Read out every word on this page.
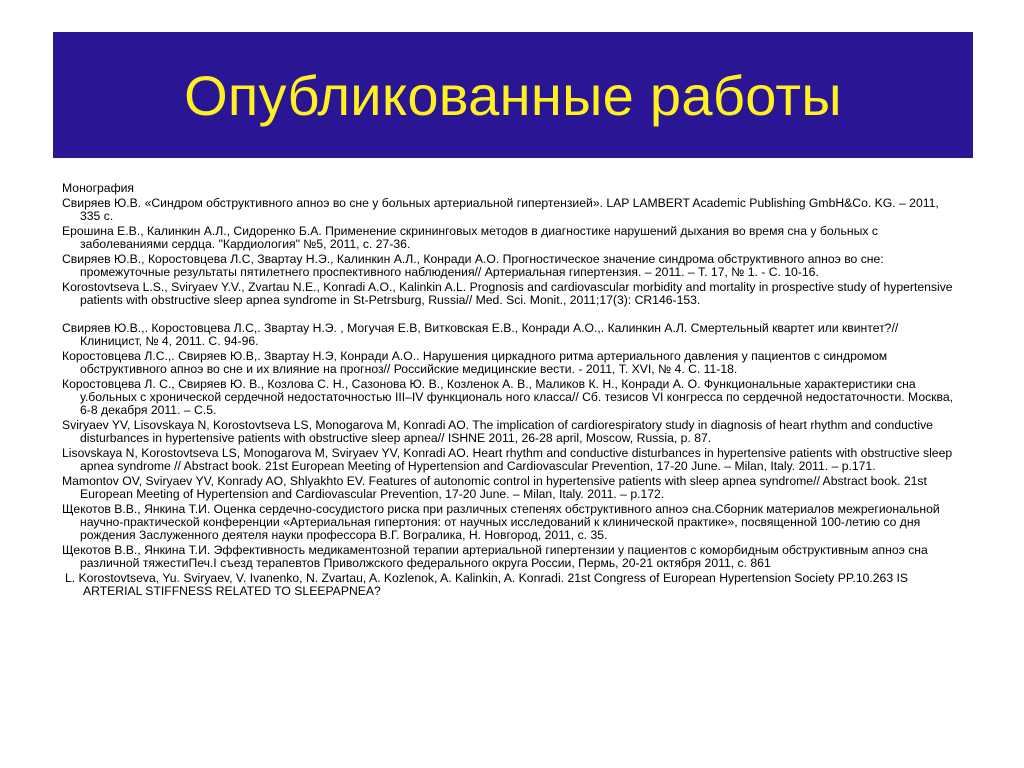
Опубликованные работы
Монография
Свиряев Ю.В. «Синдром обструктивного апноэ во сне у больных артериальной гипертензией». LAP LAMBERT Academic Publishing GmbH&Co. KG. – 2011, 335 с.
Ерошина Е.В., Калинкин А.Л., Сидоренко Б.А. Применение скрининговых методов в диагностике нарушений дыхания во время сна у больных с заболеваниями сердца. "Кардиология" №5, 2011, с. 27-36.
Свиряев Ю.В., Коростовцева Л.С, Звартау Н.Э., Калинкин А.Л., Конради А.О. Прогностическое значение синдрома обструктивного апноэ во сне: промежуточные результаты пятилетнего проспективного наблюдения// Артериальная гипертензия. – 2011. – Т. 17, № 1. - С. 10-16.
Korostovtseva L.S., Sviryaev Y.V., Zvartau N.E., Konradi A.O., Kalinkin A.L. Prognosis and cardiovascular morbidity and mortality in prospective study of hypertensive patients with obstructive sleep apnea syndrome in St-Petrsburg, Russia// Med. Sci. Monit., 2011;17(3): CR146-153.
Свиряев Ю.В.,. Коростовцева Л.С,. Звартау Н.Э. , Могучая Е.В, Витковская Е.В., Конради А.О.,. Калинкин А.Л. Смертельный квартет или квинтет?// Клиницист, № 4, 2011. С. 94-96.
Коростовцева Л.С.,. Свиряев Ю.В,. Звартау Н.Э, Конради А.О.. Нарушения циркадного ритма артериального давления у пациентов с синдромом обструктивного апноэ во сне и их влияние на прогноз// Российские медицинские вести. - 2011, Т. XVI, № 4. С. 11-18.
Коростовцева Л. С., Свиряев Ю. В., Козлова С. Н., Сазонова Ю. В., Козленок А. В., Маликов К. Н., Конради А. О. Функциональные характеристики сна у.больных с хронической сердечной недостаточностью III–IV функциональ ного класса// Сб. тезисов VI конгресса по сердечной недостаточности. Москва, 6-8 декабря 2011. – С.5.
Sviryaev YV, Lisovskaya N, Korostovtseva LS, Monogarova M, Konradi AO. The implication of cardiorespiratory study in diagnosis of heart rhythm and conductive disturbances in hypertensive patients with obstructive sleep apnea// ISHNE 2011, 26-28 april, Moscow, Russia, p. 87.
Lisovskaya N, Korostovtseva LS, Monogarova M, Sviryaev YV, Konradi AO. Heart rhythm and conductive disturbances in hypertensive patients with obstructive sleep apnea syndrome // Abstract book. 21st European Meeting of Hypertension and Cardiovascular Prevention, 17-20 June. – Milan, Italy. 2011. – p.171.
Mamontov OV, Sviryaev YV, Konrady AO, Shlyakhto EV. Features of autonomic control in hypertensive patients with sleep apnea syndrome// Abstract book. 21st European Meeting of Hypertension and Cardiovascular Prevention, 17-20 June. – Milan, Italy. 2011. – p.172.
Щекотов В.В., Янкина Т.И. Оценка сердечно-сосудистого риска при различных степенях обструктивного апноэ сна.Сборник материалов межрегиональной научно-практической конференции «Артериальная гипертония: от научных исследований к клинической практике», посвященной 100-летию со дня рождения Заслуженного деятеля науки профессора В.Г. Вогралика, Н. Новгород, 2011, с. 35.
Щекотов В.В., Янкина Т.И. Эффективность медикаментозной терапии артериальной гипертензии у пациентов с коморбидным обструктивным апноэ сна различной тяжестиПеч.I съезд терапевтов Приволжского федерального округа России, Пермь, 20-21 октября 2011, с. 861
L. Korostovtseva, Yu. Sviryaev, V. Ivanenko, N. Zvartau, A. Kozlenok, A. Kalinkin, A. Konradi. 21st Congress of European Hypertension Society PP.10.263 IS ARTERIAL STIFFNESS RELATED TO SLEEPAPNEA?
